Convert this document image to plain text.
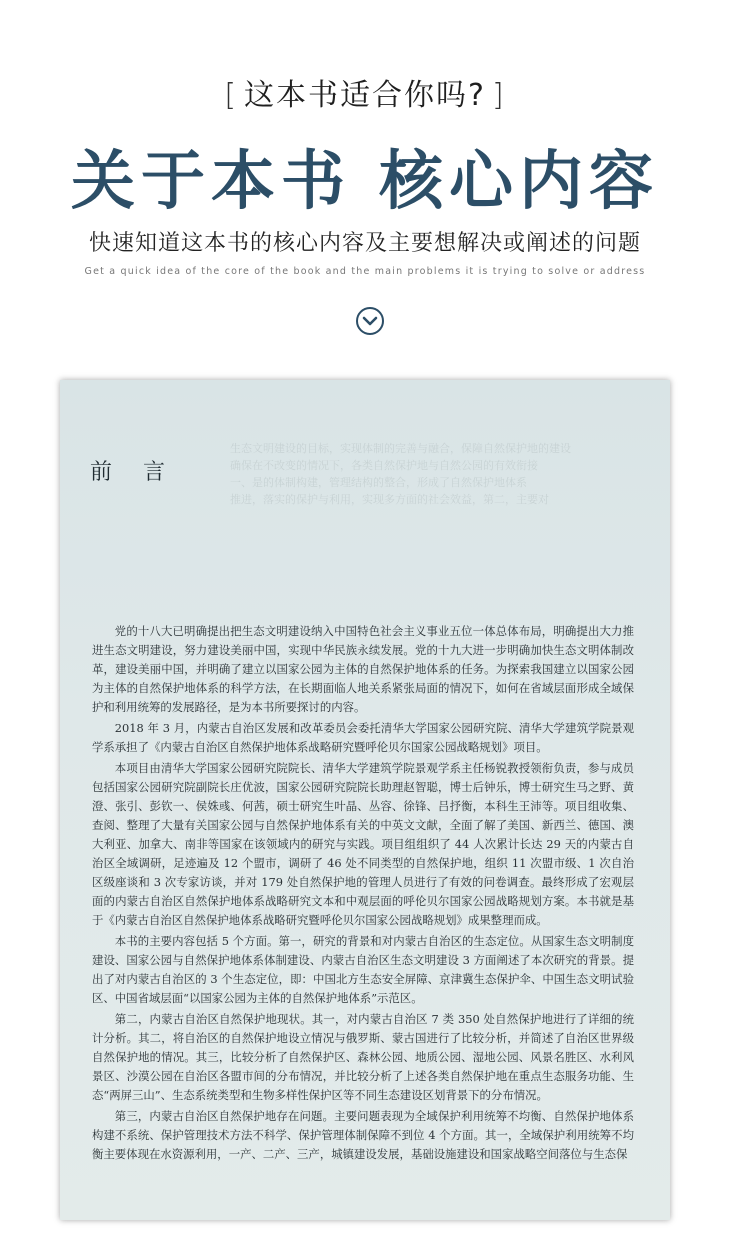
[ 这本书适合你吗? ]
关于本书 核心内容
快速知道这本书的核心内容及主要想解决或阐述的问题
Get a quick idea of the core of the book and the main problems it is trying to solve or address
生态文明建设的目标，实现体制的完善与融合，保障自然保护地的建设
确保在不改变的情况下，各类自然保护地与自然公园的有效衔接
一、是的体制构建，管理结构的整合，形成了自然保护地体系
推进，落实的保护与利用，实现多方面的社会效益，第二，主要对
前 言

党的十八大已明确提出把生态文明建设纳入中国特色社会主义事业五位一体总体布局，明确提出大力推进生态文明建设，努力建设美丽中国，实现中华民族永续发展。党的十九大进一步明确加快生态文明体制改革，建设美丽中国，并明确了建立以国家公园为主体的自然保护地体系的任务。为探索我国建立以国家公园为主体的自然保护地体系的科学方法，在长期面临人地关系紧张局面的情况下，如何在省域层面形成全域保护和利用统筹的发展路径，是为本书所要探讨的内容。

2018 年 3 月，内蒙古自治区发展和改革委员会委托清华大学国家公园研究院、清华大学建筑学院景观学系承担了《内蒙古自治区自然保护地体系战略研究暨呼伦贝尔国家公园战略规划》项目。

本项目由清华大学国家公园研究院院长、清华大学建筑学院景观学系主任杨锐教授领衔负责，参与成员包括国家公园研究院副院长庄优波，国家公园研究院院长助理赵智聪，博士后钟乐，博士研究生马之野、黄澄、张引、彭钦一、侯姝彧、何茜，硕士研究生叶晶、丛容、徐锋、吕抒衡，本科生王沛等。项目组收集、查阅、整理了大量有关国家公园与自然保护地体系有关的中英文文献，全面了解了美国、新西兰、德国、澳大利亚、加拿大、南非等国家在该领域内的研究与实践。项目组组织了 44 人次累计长达 29 天的内蒙古自治区全域调研，足迹遍及 12 个盟市，调研了 46 处不同类型的自然保护地，组织 11 次盟市级、1 次自治区级座谈和 3 次专家访谈，并对 179 处自然保护地的管理人员进行了有效的问卷调查。最终形成了宏观层面的内蒙古自治区自然保护地体系战略研究文本和中观层面的呼伦贝尔国家公园战略规划方案。本书就是基于《内蒙古自治区自然保护地体系战略研究暨呼伦贝尔国家公园战略规划》成果整理而成。

本书的主要内容包括 5 个方面。第一，研究的背景和对内蒙古自治区的生态定位。从国家生态文明制度建设、国家公园与自然保护地体系体制建设、内蒙古自治区生态文明建设 3 方面阐述了本次研究的背景。提出了对内蒙古自治区的 3 个生态定位，即：中国北方生态安全屏障、京津冀生态保护伞、中国生态文明试验区、中国省域层面“以国家公园为主体的自然保护地体系”示范区。

第二，内蒙古自治区自然保护地现状。其一，对内蒙古自治区 7 类 350 处自然保护地进行了详细的统计分析。其二，将自治区的自然保护地设立情况与俄罗斯、蒙古国进行了比较分析，并简述了自治区世界级自然保护地的情况。其三，比较分析了自然保护区、森林公园、地质公园、湿地公园、风景名胜区、水利风景区、沙漠公园在自治区各盟市间的分布情况，并比较分析了上述各类自然保护地在重点生态服务功能、生态“两屏三山”、生态系统类型和生物多样性保护区等不同生态建设区划背景下的分布情况。

第三，内蒙古自治区自然保护地存在问题。主要问题表现为全域保护利用统筹不均衡、自然保护地体系构建不系统、保护管理技术方法不科学、保护管理体制保障不到位 4 个方面。其一，全域保护利用统筹不均衡主要体现在水资源利用，一产、二产、三产，城镇建设发展，基础设施建设和国家战略空间落位与生态保
